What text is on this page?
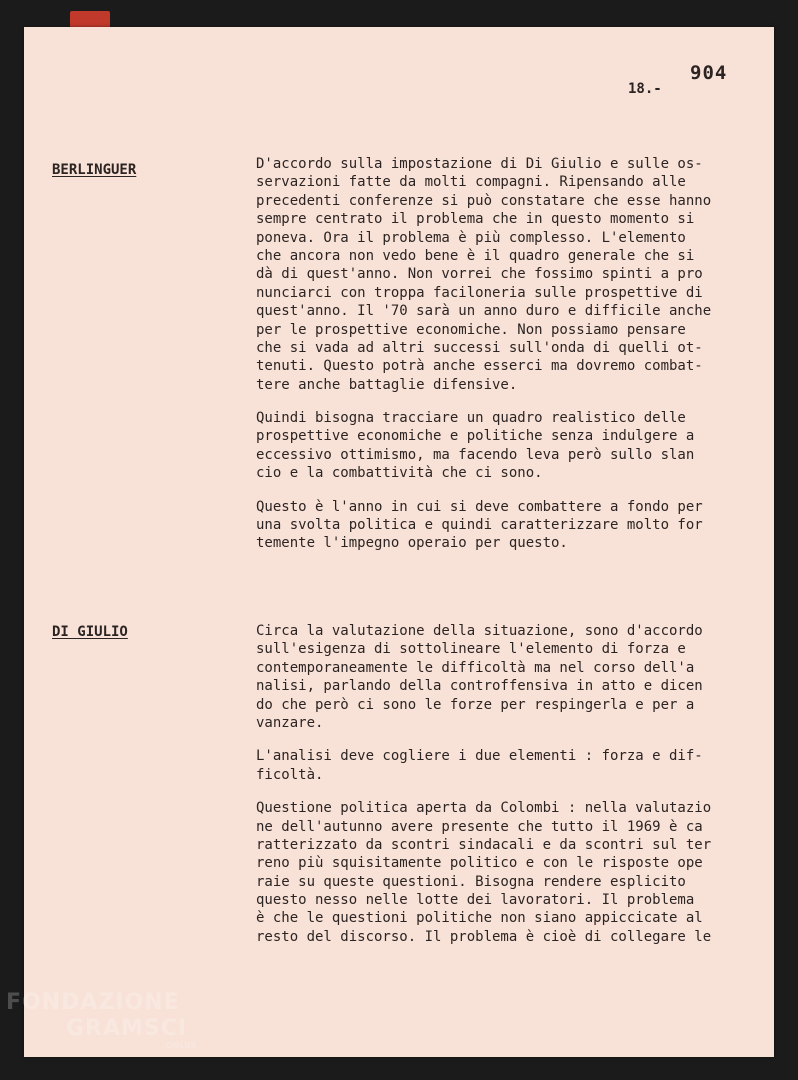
904
18.-
BERLINGUER	D'accordo sulla impostazione di Di Giulio e sulle os-
servazioni fatte da molti compagni. Ripensando alle
precedenti conferenze si può constatare che esse hanno
sempre centrato il problema che in questo momento si
poneva. Ora il problema è più complesso. L'elemento
che ancora non vedo bene è il quadro generale che si
dà di quest'anno. Non vorrei che fossimo spinti a pro
nunciarci con troppa faciloneria sulle prospettive di
quest'anno. Il '70 sarà un anno duro e difficile anche
per le prospettive economiche. Non possiamo pensare
che si vada ad altri successi sull'onda di quelli ot-
tenuti. Questo potrà anche esserci ma dovremo combat-
tere anche battaglie difensive.
Quindi bisogna tracciare un quadro realistico delle
prospettive economiche e politiche senza indulgere a
eccessivo ottimismo, ma facendo leva però sullo slan
cio e la combattività che ci sono.
Questo è l'anno in cui si deve combattere a fondo per
una svolta politica e quindi caratterizzare molto for
temente l'impegno operaio per questo.
DI GIULIO	Circa la valutazione della situazione, sono d'accordo
sull'esigenza di sottolineare l'elemento di forza e
contemporaneamente le difficoltà ma nel corso dell'a
nalisi, parlando della controffensiva in atto e dicen
do che però ci sono le forze per respingerla e per a
vanzare.
L'analisi deve cogliere i due elementi : forza e dif-
ficoltà.
Questione politica aperta da Colombi : nella valutazio
ne dell'autunno avere presente che tutto il 1969 è ca
ratterizzato da scontri sindacali e da scontri sul ter
reno più squisitamente politico e con le risposte ope
raie su queste questioni. Bisogna rendere esplicito
questo nesso nelle lotte dei lavoratori. Il problema
è che le questioni politiche non siano appiccicate al
resto del discorso. Il problema è cioè di collegare le
FONDAZIONE
GRAMSCI
ONLUS
